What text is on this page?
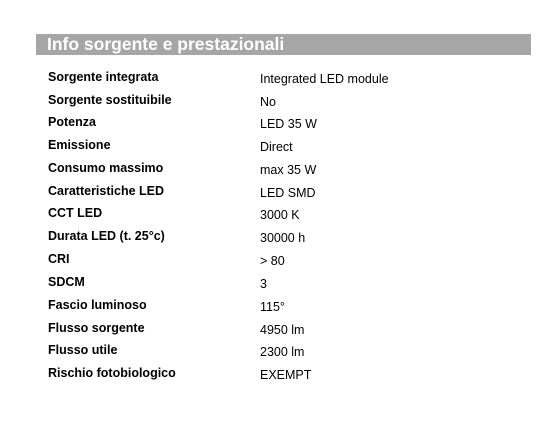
Info sorgente e prestazionali
Sorgente integrata	Integrated LED module
Sorgente sostituibile	No
Potenza	LED 35 W
Emissione	Direct
Consumo massimo	max 35 W
Caratteristiche LED	LED SMD
CCT LED	3000 K
Durata LED (t. 25°c)	30000 h
CRI	> 80
SDCM	3
Fascio luminoso	115°
Flusso sorgente	4950 lm
Flusso utile	2300 lm
Rischio fotobiologico	EXEMPT
